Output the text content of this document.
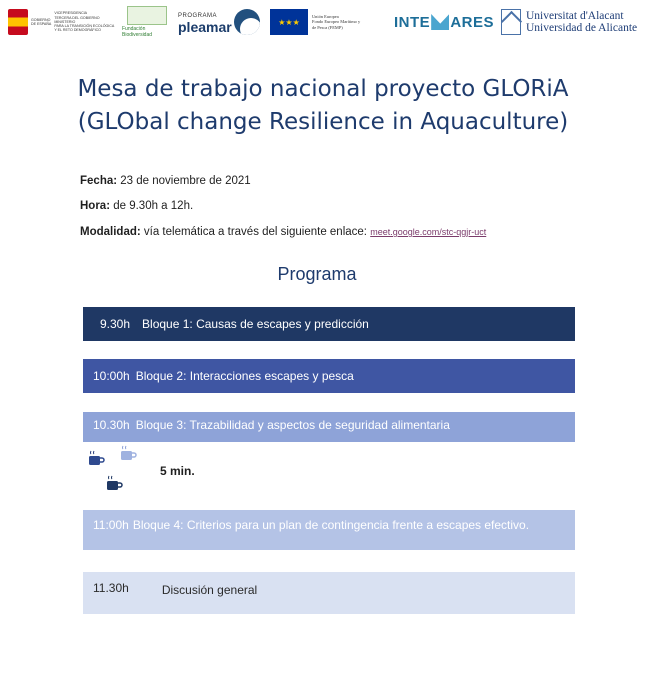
GOBIERNO
DE ESPAÑA
VICEPRESIDENCIA
TERCERA DEL GOBIERNO
MINISTERIO
PARA LA TRANSICIÓN ECOLÓGICA
Y EL RETO DEMOGRÁFICO	Fundación Biodiversidad
PROGRAMA
pleamar	★★★
Unión Europea
Fondo Europeo Marítimo y
de Pesca (FEMP)	INTE ARES	Universitat d'Alacant
Universidad de Alicante
Mesa de trabajo nacional proyecto GLORiA
(GLObal change Resilience in Aquaculture)
Fecha: 23 de noviembre de 2021
Hora: de 9.30h a 12h.
Modalidad: vía telemática a través del siguiente enlace: meet.google.com/stc-qgjr-uct
Programa
9.30h Bloque 1: Causas de escapes y predicción
10:00h Bloque 2: Interacciones escapes y pesca
10.30h Bloque 3: Trazabilidad y aspectos de seguridad alimentaria
5 min.
11:00h Bloque 4: Criterios para un plan de contingencia frente a escapes efectivo.
11.30h	Discusión general
